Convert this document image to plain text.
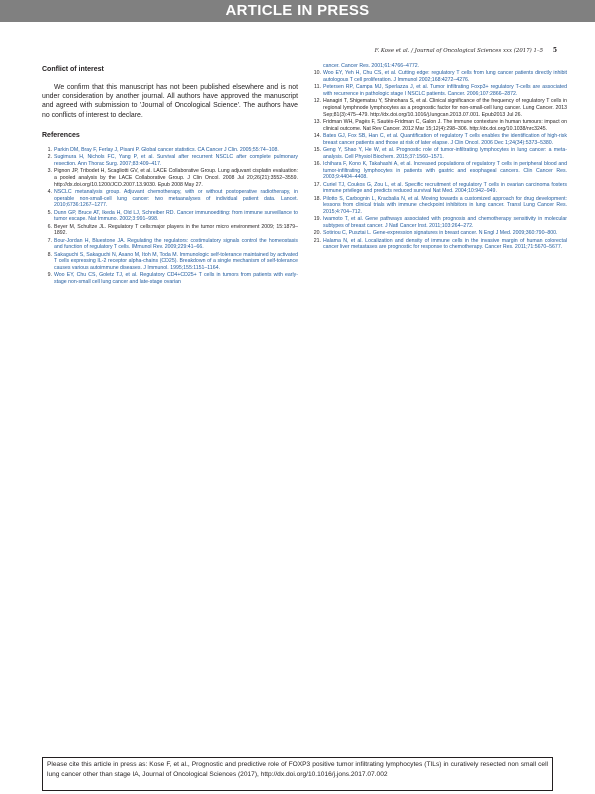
ARTICLE IN PRESS
F. Kose et al. / Journal of Oncological Sciences xxx (2017) 1–5 5
Conflict of interest

We confirm that this manuscript has not been published elsewhere and is not under consideration by another journal. All authors have approved the manuscript and agreed with submission to 'Journal of Oncological Science'. The authors have no conflicts of interest to declare.

References
1. Parkin DM, Bray F, Ferlay J, Pisani P. Global cancer statistics. CA Cancer J Clin. 2005;55:74–108.
2. Sugimura H, Nichols FC, Yang P, et al. Survival after recurrent NSCLC after complete pulmonary resection. Ann Thorac Surg. 2007;83:409–417.
3. Pignon JP, Tribodet H, Scagliotti GV, et al. LACE Collaborative Group. Lung adjuvant cisplatin evaluation: a pooled analysis by the LACE Collaborative Group. J Clin Oncol. 2008 Jul 20;26(21):3552–3559. http://dx.doi.org/10.1200/JCO.2007.13.9030. Epub 2008 May 27.
4. NSCLC metanalysis group. Adjuvant chemotherapy, with or without postoperative radiotherapy, in operable non-small-cell lung cancer: two metaanalyses of individual patient data. Lancet. 2010;6736:1267–1277.
5. Dunn GP, Bruce AT, Ikeda H, Old LJ, Schreiber RD. Cancer immunoediting: from immune surveillance to tumor escape. Nat Immuno. 2002;3:991–998.
6. Beyer M, Schultze JL. Regulatory T cells:major players in the tumor micro environment 2009; 15:1879–1892.
7. Bour-Jordan H, Bluestone JA. Regulating the regulators: costimulatory signals control the homeostasis and function of regulatory T cells. IMmunol Rev. 2009;229:41–66.
8. Sakaguchi S, Sakaguchi N, Asano M, Itoh M, Toda M. Immunologic self-tolerance maintained by activated T cells expressing IL-2 receptor alpha-chains (CD25). Breakdown of a single mechanism of self-tolerance causes various autoimmune diseases. J Immunol. 1995;155:1151–1164.
9. Woo EY, Chu CS, Goletz TJ, et al. Regulatory CD4+CD25+ T cells in tumors from patients with early-stage non-small cell lung cancer and late-stage ovarian
cancer. Cancer Res. 2001;61:4766–4772.
10. Woo EY, Yeh H, Chu CS, et al. Cutting edge: regulatory T cells from lung cancer patients directly inhibit autologous T cell proliferation. J Immunol 2002;168:4272–4276.
11. Petersen RP, Campa MJ, Sperlazza J, et al. Tumor infiltrating Foxp3+ regulatory T-cells are associated with recurrence in pathologic stage I NSCLC patients. Cancer. 2006;107:2866–2872.
12. Hanagiri T, Shigematsu Y, Shinohara S, et al. Clinical significance of the frequency of regulatory T cells in regional lymphnode lymphocytes as a prognostic factor for non-small-cell lung cancer. Lung Cancer. 2013 Sep;81(3):475–479. http://dx.doi.org/10.1016/j.lungcan.2013.07.001. Epub2013 Jul 26.
13. Fridman WH, Pagès F, Sautès-Fridman C, Galon J. The immune contexture in human tumours: impact on clinical outcome. Nat Rev Cancer. 2012 Mar 15;12(4):298–306. http://dx.doi.org/10.1038/nrc3245.
14. Bates GJ, Fox SB, Han C, et al. Quantification of regulatory T cells enables the identification of high-risk breast cancer patients and those at risk of later elapse. J Clin Oncol. 2006 Dec 1;24(34):5373–5380.
15. Geng Y, Shao Y, He W, et al. Prognostic role of tumor-infiltrating lymphocytes in lung cancer: a meta-analysis. Cell Physiol Biochem. 2015;37:1560–1571.
16. Ichihara F, Kono K, Takahashi A, et al. Increased populations of regulatory T cells in peripheral blood and tumor-infiltrating lymphocytes in patients with gastric and esophageal cancers. Clin Cancer Res. 2003;9:4404–4408.
17. Curiel TJ, Coukos G, Zou L, et al. Specific recruitment of regulatory T cells in ovarian carcinoma fosters immune privilege and predicts reduced survival Nat Med. 2004;10:942–949.
18. Pilotto S, Carbognin L, Kracbalia N, et al. Moving towards a customized approach for drug development: lessons from clinical trials with immune checkpoint inhibitors in lung cancer. Transl Lung Cancer Res. 2015;4:704–712.
19. Iwamoto T, et al. Gene pathways associated with prognosis and chemotherapy sensitivity in molecular subtypes of breast cancer. J Natl Cancer Inst. 2011;103:264–272.
20. Sotiriou C, Pusztai L. Gene-expression signatures in breast cancer. N Engl J Med. 2009;360:790–800.
21. Halama N, et al. Localization and density of immune cells in the invasive margin of human colorectal cancer liver metastases are prognostic for response to chemotherapy. Cancer Res. 2011;71:5670–5677.
Please cite this article in press as: Kose F, et al., Prognostic and predictive role of FOXP3 positive tumor infiltrating lymphocytes (TILs) in curatively resected non small cell lung cancer other than stage IA, Journal of Oncological Sciences (2017), http://dx.doi.org/10.1016/j.jons.2017.07.002
